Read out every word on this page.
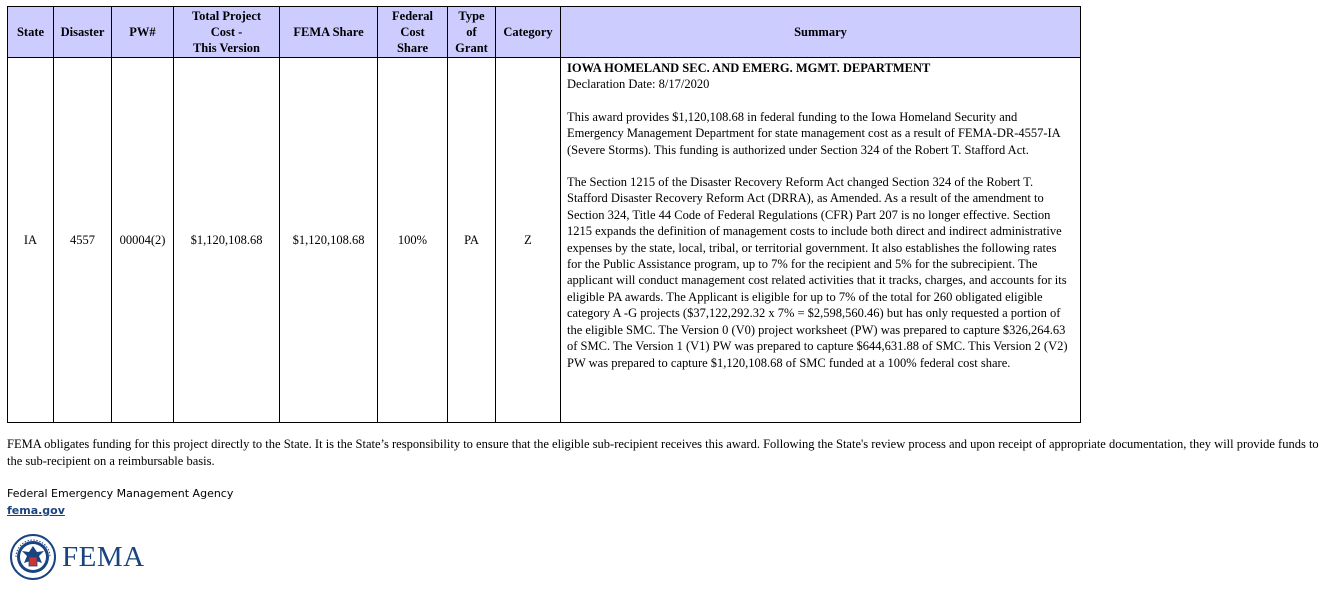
State	Disaster	PW#	Total Project
Cost -
This Version	FEMA Share	Federal
Cost
Share	Type
of
Grant	Category	Summary
IA	4557	00004(2)	$1,120,108.68	$1,120,108.68	100%	PA	Z	IOWA HOMELAND SEC. AND EMERG. MGMT. DEPARTMENT
Declaration Date: 8/17/2020

This award provides $1,120,108.68 in federal funding to the Iowa Homeland Security and Emergency Management Department for state management cost as a result of FEMA-DR-4557-IA (Severe Storms). This funding is authorized under Section 324 of the Robert T. Stafford Act.

The Section 1215 of the Disaster Recovery Reform Act changed Section 324 of the Robert T. Stafford Disaster Recovery Reform Act (DRRA), as Amended. As a result of the amendment to Section 324, Title 44 Code of Federal Regulations (CFR) Part 207 is no longer effective. Section 1215 expands the definition of management costs to include both direct and indirect administrative expenses by the state, local, tribal, or territorial government. It also establishes the following rates for the Public Assistance program, up to 7% for the recipient and 5% for the subrecipient. The applicant will conduct management cost related activities that it tracks, charges, and accounts for its eligible PA awards. The Applicant is eligible for up to 7% of the total for 260 obligated eligible category A -G projects ($37,122,292.32 x 7% = $2,598,560.46) but has only requested a portion of the eligible SMC. The Version 0 (V0) project worksheet (PW) was prepared to capture $326,264.63 of SMC. The Version 1 (V1) PW was prepared to capture $644,631.88 of SMC. This Version 2 (V2) PW was prepared to capture $1,120,108.68 of SMC funded at a 100% federal cost share.

FEMA obligates funding for this project directly to the State. It is the State’s responsibility to ensure that the eligible sub-recipient receives this award. Following the State's review process and upon receipt of appropriate documentation, they will provide funds to the sub-recipient on a reimbursable basis.
Federal Emergency Management Agency
fema.gov
FEMA
